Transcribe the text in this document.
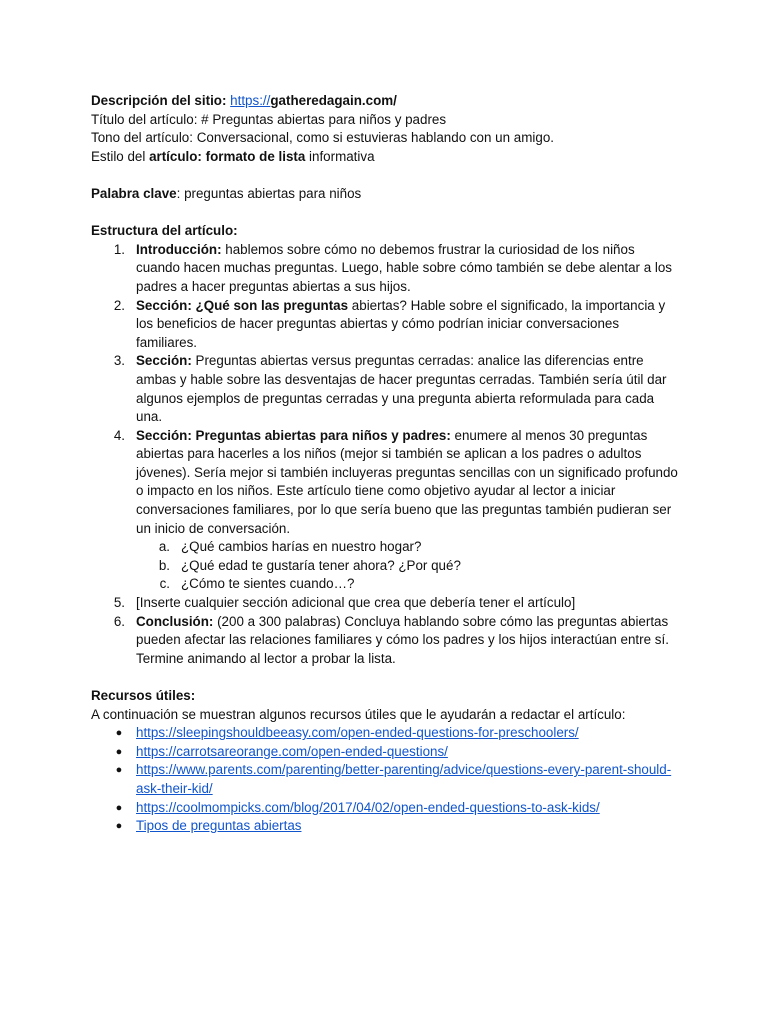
Descripción del sitio: https://gatheredagain.com/

Título del artículo: # Preguntas abiertas para niños y padres

Tono del artículo: Conversacional, como si estuvieras hablando con un amigo.

Estilo del artículo: formato de lista informativa

Palabra clave: preguntas abiertas para niños

Estructura del artículo:

1. Introducción: hablemos sobre cómo no debemos frustrar la curiosidad de los niños cuando hacen muchas preguntas. Luego, hable sobre cómo también se debe alentar a los padres a hacer preguntas abiertas a sus hijos.
2. Sección: ¿Qué son las preguntas abiertas? Hable sobre el significado, la importancia y los beneficios de hacer preguntas abiertas y cómo podrían iniciar conversaciones familiares.
3. Sección: Preguntas abiertas versus preguntas cerradas: analice las diferencias entre ambas y hable sobre las desventajas de hacer preguntas cerradas. También sería útil dar algunos ejemplos de preguntas cerradas y una pregunta abierta reformulada para cada una.
4. Sección: Preguntas abiertas para niños y padres: enumere al menos 30 preguntas abiertas para hacerles a los niños (mejor si también se aplican a los padres o adultos jóvenes). Sería mejor si también incluyeras preguntas sencillas con un significado profundo o impacto en los niños. Este artículo tiene como objetivo ayudar al lector a iniciar conversaciones familiares, por lo que sería bueno que las preguntas también pudieran ser un inicio de conversación.
a. ¿Qué cambios harías en nuestro hogar?
b. ¿Qué edad te gustaría tener ahora? ¿Por qué?
c. ¿Cómo te sientes cuando…?
5. [Inserte cualquier sección adicional que crea que debería tener el artículo]
6. Conclusión: (200 a 300 palabras) Concluya hablando sobre cómo las preguntas abiertas pueden afectar las relaciones familiares y cómo los padres y los hijos interactúan entre sí. Termine animando al lector a probar la lista.

Recursos útiles:

A continuación se muestran algunos recursos útiles que le ayudarán a redactar el artículo:

● https://sleepingshouldbeeasy.com/open-ended-questions-for-preschoolers/
● https://carrotsareorange.com/open-ended-questions/
● https://www.parents.com/parenting/better-parenting/advice/questions-every-parent-should-ask-their-kid/
● https://coolmompicks.com/blog/2017/04/02/open-ended-questions-to-ask-kids/
● Tipos de preguntas abiertas
